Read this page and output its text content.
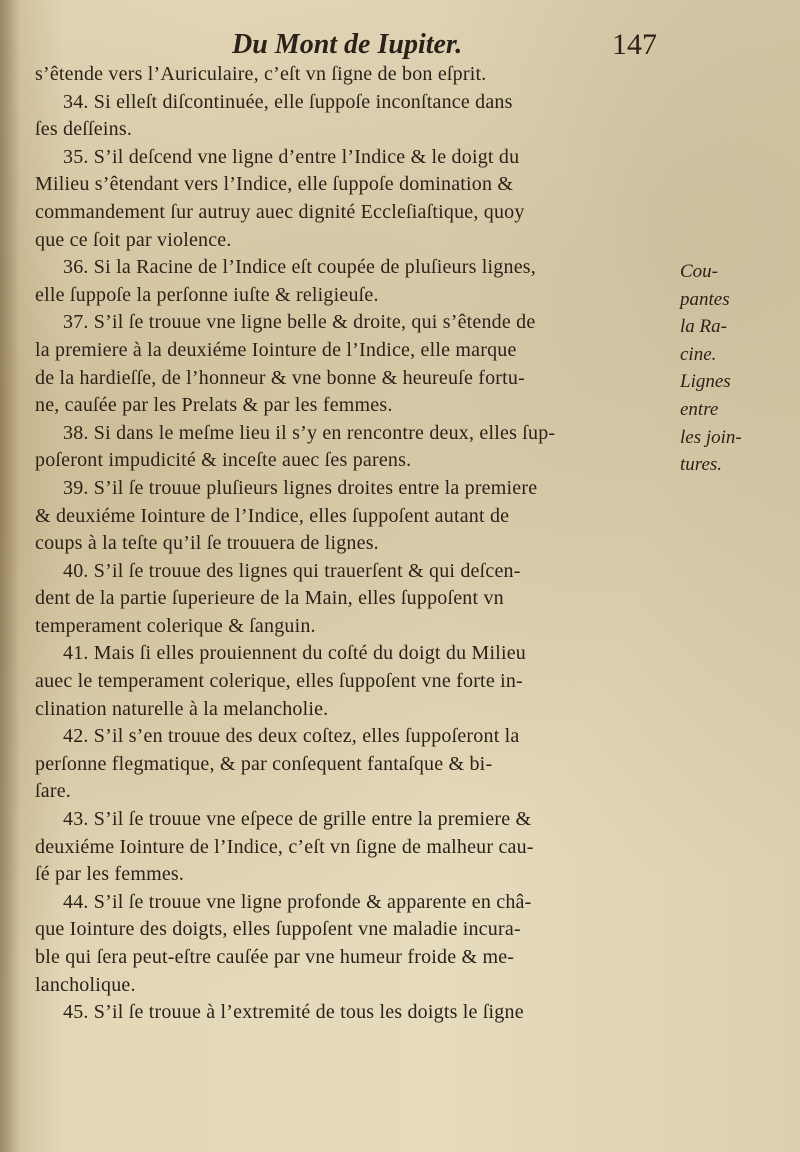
Du Mont de Iupiter.	147
s’êtende vers l’Auriculaire, c’eſt vn ſigne de bon eſprit.
34. Si elleſt diſcontinuée, elle ſuppoſe inconſtance dans
ſes deſſeins.
35. S’il deſcend vne ligne d’entre l’Indice & le doigt du
Milieu s’êtendant vers l’Indice, elle ſuppoſe domination &
commandement ſur autruy auec dignité Eccleſiaſtique, quoy
que ce ſoit par violence.
36. Si la Racine de l’Indice eſt coupée de pluſieurs lignes,
elle ſuppoſe la perſonne iuſte & religieuſe.
37. S’il ſe trouue vne ligne belle & droite, qui s’êtende de
la premiere à la deuxiéme Iointure de l’Indice, elle marque
de la hardieſſe, de l’honneur & vne bonne & heureuſe fortu-
ne, cauſée par les Prelats & par les femmes.
38. Si dans le meſme lieu il s’y en rencontre deux, elles ſup-
poſeront impudicité & inceſte auec ſes parens.
39. S’il ſe trouue pluſieurs lignes droites entre la premiere
& deuxiéme Iointure de l’Indice, elles ſuppoſent autant de
coups à la teſte qu’il ſe trouuera de lignes.
40. S’il ſe trouue des lignes qui trauerſent & qui deſcen-
dent de la partie ſuperieure de la Main, elles ſuppoſent vn
temperament colerique & ſanguin.
41. Mais ſi elles prouiennent du coſté du doigt du Milieu
auec le temperament colerique, elles ſuppoſent vne forte in-
clination naturelle à la melancholie.
42. S’il s’en trouue des deux coſtez, elles ſuppoſeront la
perſonne flegmatique, & par conſequent fantaſque & bi-
ſare.
43. S’il ſe trouue vne eſpece de grille entre la premiere &
deuxiéme Iointure de l’Indice, c’eſt vn ſigne de malheur cau-
ſé par les femmes.
44. S’il ſe trouue vne ligne profonde & apparente en châ-
que Iointure des doigts, elles ſuppoſent vne maladie incura-
ble qui ſera peut-eſtre cauſée par vne humeur froide & me-
lancholique.
45. S’il ſe trouue à l’extremité de tous les doigts le ſigne
Cou-
pantes
la Ra-
cine.
Lignes
entre
les join-
tures.
